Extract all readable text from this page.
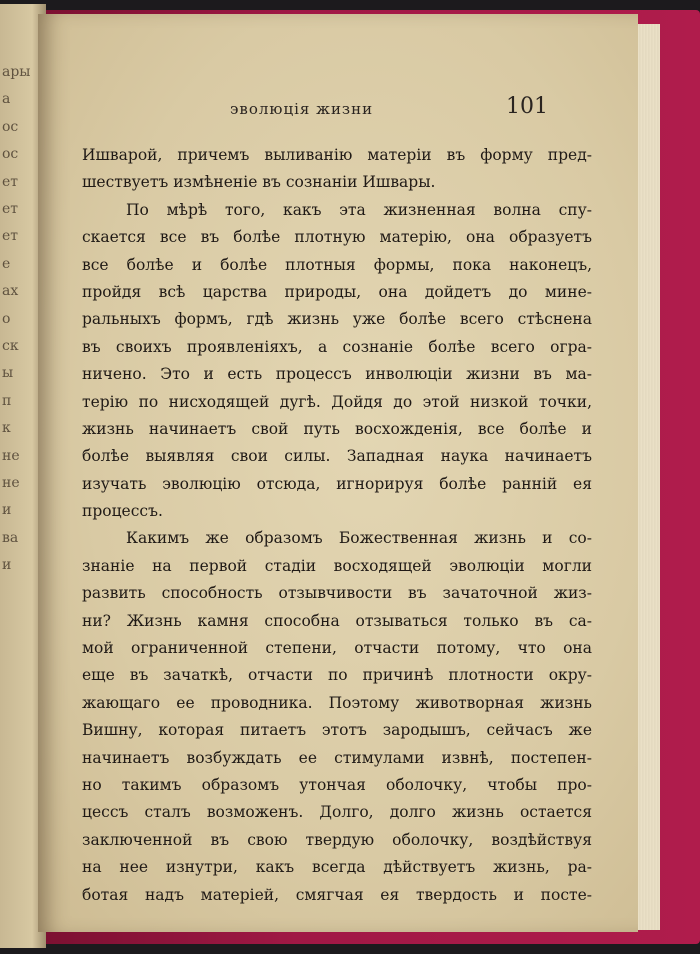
ары
а
ос
ос
ет
ет
ет
е
ах
о
ск
ы
п
к
не
не
и
ва
и
эволюція жизни	101
Ишварой, причемъ выливанію матеріи въ форму пред-
шествуетъ измѣненіе въ сознаніи Ишвары.
По мѣрѣ того, какъ эта жизненная волна спу-
скается все въ болѣе плотную матерію, она образуетъ
все болѣе и болѣе плотныя формы, пока наконецъ,
пройдя всѣ царства природы, она дойдетъ до мине-
ральныхъ формъ, гдѣ жизнь уже болѣе всего стѣснена
въ своихъ проявленіяхъ, а сознаніе болѣе всего огра-
ничено. Это и есть процессъ инволюціи жизни въ ма-
терію по нисходящей дугѣ. Дойдя до этой низкой точки,
жизнь начинаетъ свой путь восхожденія, все болѣе и
болѣе выявляя свои силы. Западная наука начинаетъ
изучать эволюцію отсюда, игнорируя болѣе ранній ея
процессъ.
Какимъ же образомъ Божественная жизнь и со-
знаніе на первой стадіи восходящей эволюціи могли
развить способность отзывчивости въ зачаточной жиз-
ни? Жизнь камня способна отзываться только въ са-
мой ограниченной степени, отчасти потому, что она
еще въ зачаткѣ, отчасти по причинѣ плотности окру-
жающаго ее проводника. Поэтому животворная жизнь
Вишну, которая питаетъ этотъ зародышъ, сейчасъ же
начинаетъ возбуждать ее стимулами извнѣ, постепен-
но такимъ образомъ утончая оболочку, чтобы про-
цессъ сталъ возможенъ. Долго, долго жизнь остается
заключенной въ свою твердую оболочку, воздѣйствуя
на нее изнутри, какъ всегда дѣйствуетъ жизнь, ра-
ботая надъ матеріей, смягчая ея твердость и посте-
